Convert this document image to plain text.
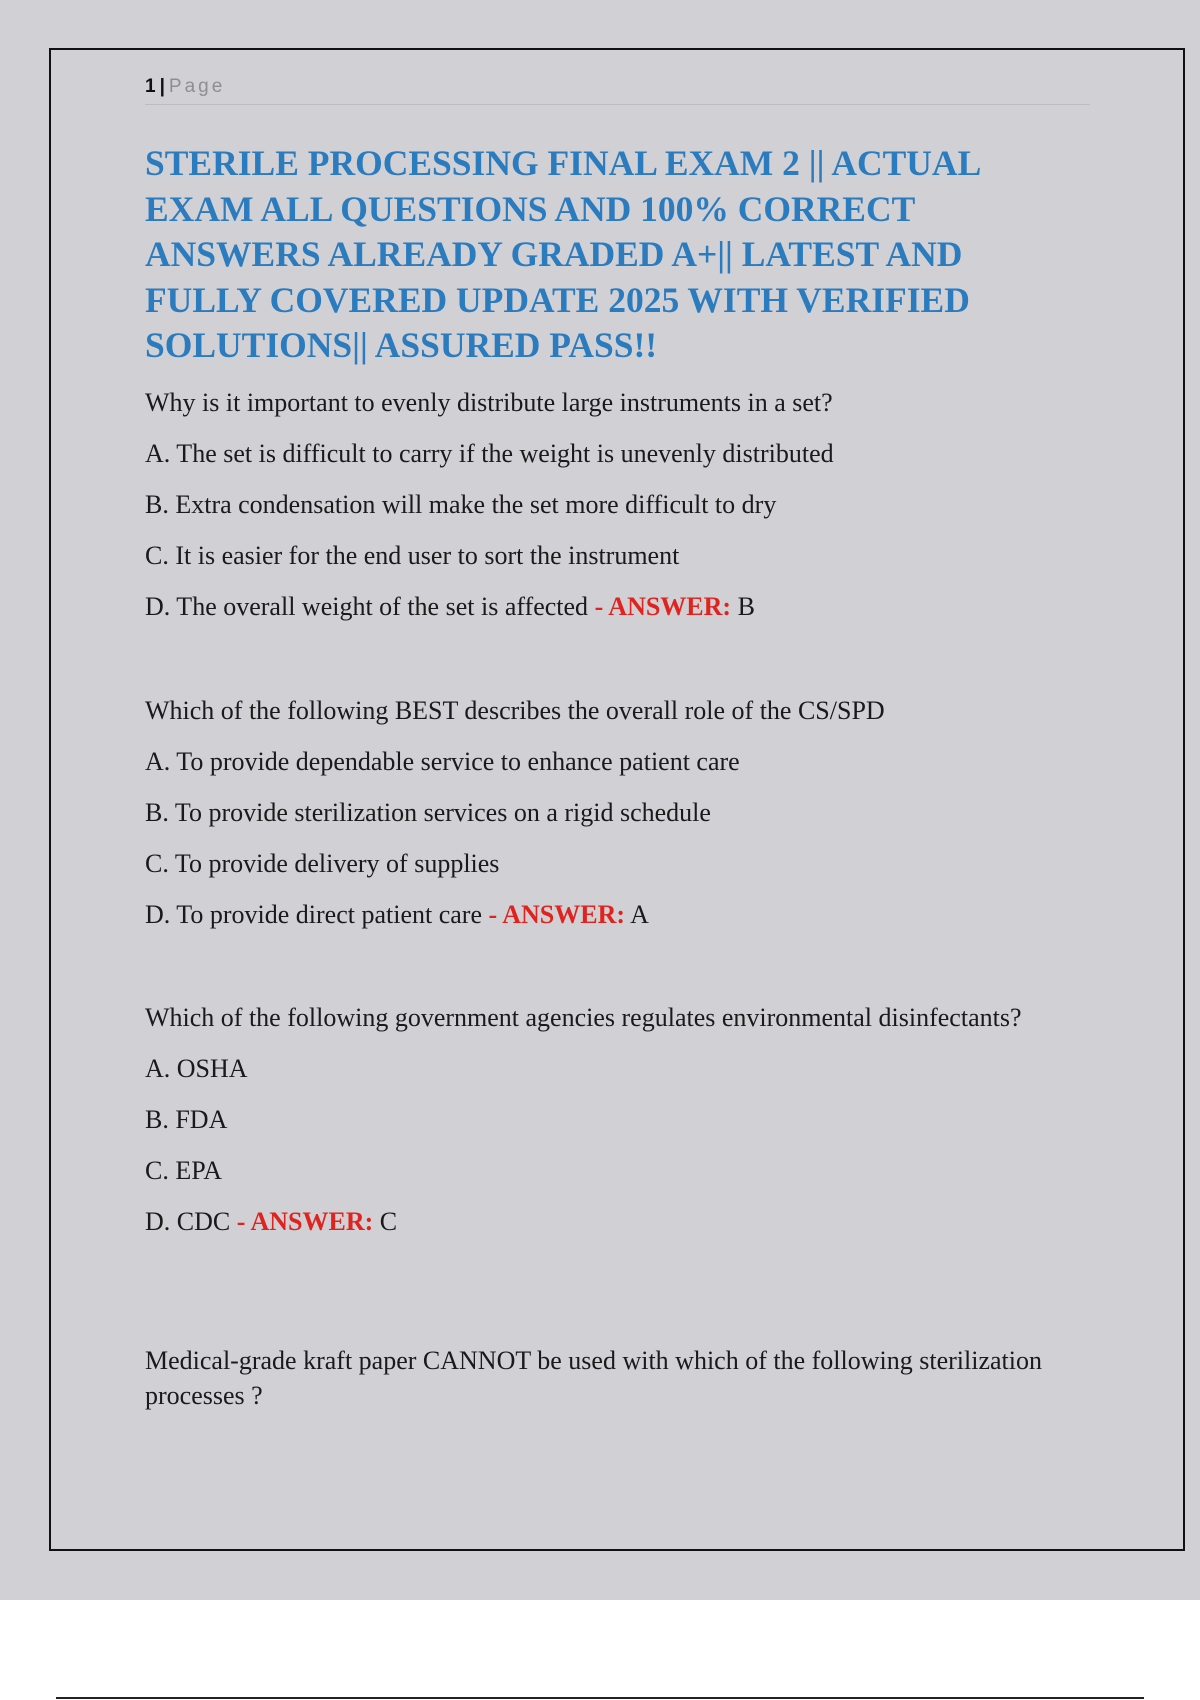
1 | Page
STERILE PROCESSING FINAL EXAM 2 || ACTUAL EXAM ALL QUESTIONS AND 100% CORRECT ANSWERS ALREADY GRADED A+|| LATEST AND FULLY COVERED UPDATE 2025 WITH VERIFIED SOLUTIONS|| ASSURED PASS!!

Why is it important to evenly distribute large instruments in a set?

A. The set is difficult to carry if the weight is unevenly distributed

B. Extra condensation will make the set more difficult to dry

C. It is easier for the end user to sort the instrument

D. The overall weight of the set is affected - ANSWER: B

Which of the following BEST describes the overall role of the CS/SPD

A. To provide dependable service to enhance patient care

B. To provide sterilization services on a rigid schedule

C. To provide delivery of supplies

D. To provide direct patient care - ANSWER: A

Which of the following government agencies regulates environmental disinfectants?

A. OSHA

B. FDA

C. EPA

D. CDC - ANSWER: C

Medical-grade kraft paper CANNOT be used with which of the following sterilization processes ?
